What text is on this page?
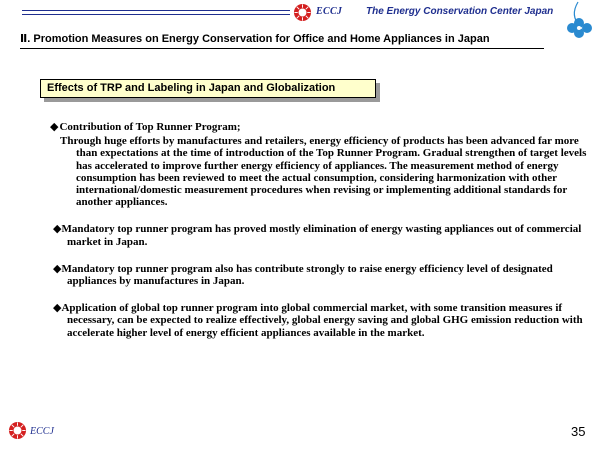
ECCJ The Energy Conservation Center Japan
Ⅱ. Promotion Measures on Energy Conservation for Office and Home Appliances in Japan
Effects of TRP and Labeling in Japan and Globalization

◆Contribution of Top Runner Program;

Through huge efforts by manufactures and retailers, energy efficiency of products has been advanced far more than expectations at the time of introduction of the Top Runner Program. Gradual strengthen of target levels has accelerated to improve further energy efficiency of appliances. The measurement method of energy consumption has been reviewed to meet the actual consumption, considering harmonization with other international/domestic measurement procedures when revising or implementing additional standards for another appliances.

◆Mandatory top runner program has proved mostly elimination of energy wasting appliances out of commercial market in Japan.

◆Mandatory top runner program also has contribute strongly to raise energy efficiency level of designated appliances by manufactures in Japan.

◆Application of global top runner program into global commercial market, with some transition measures if necessary, can be expected to realize effectively, global energy saving and global GHG emission reduction with accelerate higher level of energy efficient appliances available in the market.

ECCJ	35
